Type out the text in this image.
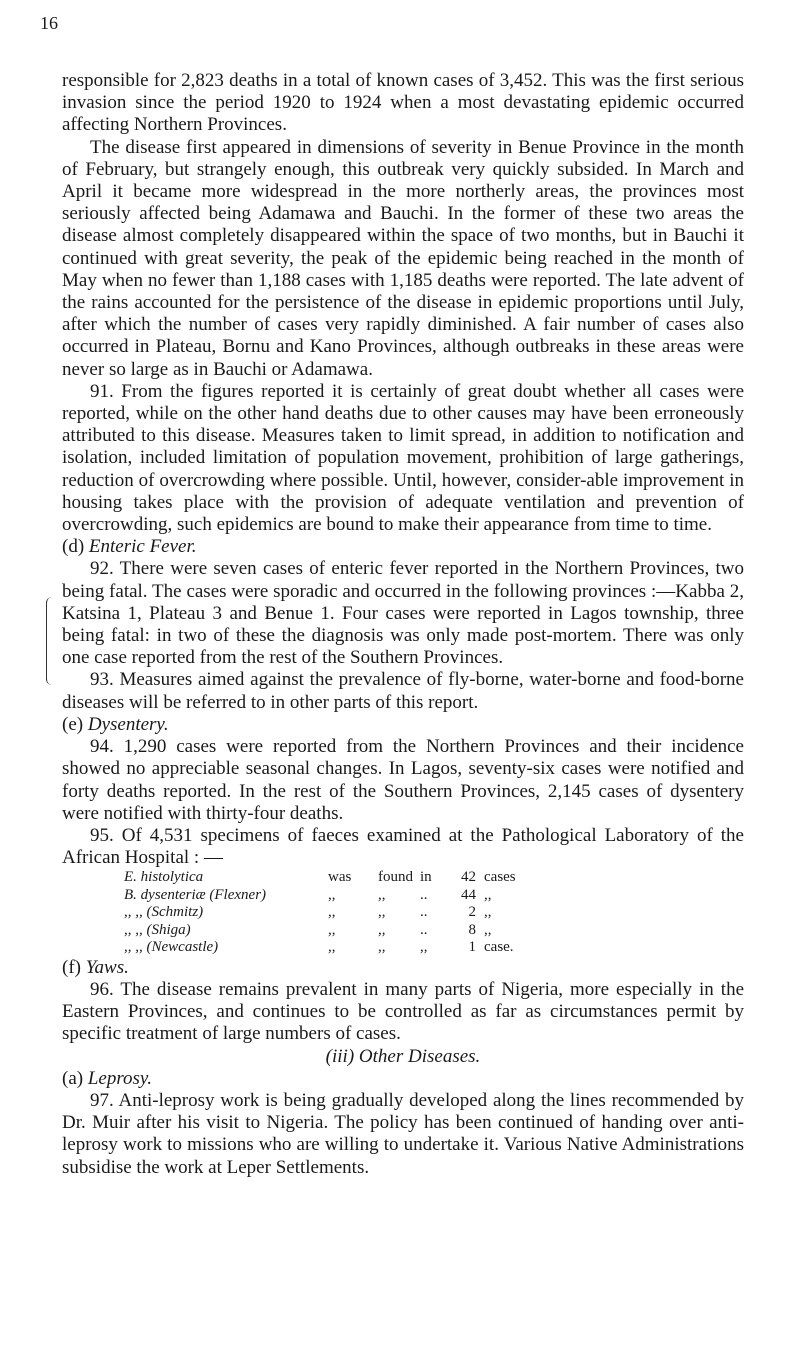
16

responsible for 2,823 deaths in a total of known cases of 3,452. This was the first serious invasion since the period 1920 to 1924 when a most devastating epidemic occurred affecting Northern Provinces.

The disease first appeared in dimensions of severity in Benue Province in the month of February, but strangely enough, this outbreak very quickly subsided. In March and April it became more widespread in the more northerly areas, the provinces most seriously affected being Adamawa and Bauchi. In the former of these two areas the disease almost completely disappeared within the space of two months, but in Bauchi it continued with great severity, the peak of the epidemic being reached in the month of May when no fewer than 1,188 cases with 1,185 deaths were reported. The late advent of the rains accounted for the persistence of the disease in epidemic proportions until July, after which the number of cases very rapidly diminished. A fair number of cases also occurred in Plateau, Bornu and Kano Provinces, although outbreaks in these areas were never so large as in Bauchi or Adamawa.

91. From the figures reported it is certainly of great doubt whether all cases were reported, while on the other hand deaths due to other causes may have been erroneously attributed to this disease. Measures taken to limit spread, in addition to notification and isolation, included limitation of population movement, prohibition of large gatherings, reduction of overcrowding where possible. Until, however, consider-able improvement in housing takes place with the provision of adequate ventilation and prevention of overcrowding, such epidemics are bound to make their appearance from time to time.

(d) Enteric Fever.

92. There were seven cases of enteric fever reported in the Northern Provinces, two being fatal. The cases were sporadic and occurred in the following provinces :—Kabba 2, Katsina 1, Plateau 3 and Benue 1. Four cases were reported in Lagos township, three being fatal: in two of these the diagnosis was only made post-mortem. There was only one case reported from the rest of the Southern Provinces.

93. Measures aimed against the prevalence of fly-borne, water-borne and food-borne diseases will be referred to in other parts of this report.

(e) Dysentery.

94. 1,290 cases were reported from the Northern Provinces and their incidence showed no appreciable seasonal changes. In Lagos, seventy-six cases were notified and forty deaths reported. In the rest of the Southern Provinces, 2,145 cases of dysentery were notified with thirty-four deaths.

95. Of 4,531 specimens of faeces examined at the Pathological Laboratory of the African Hospital : —

E. histolytica	was	found	in	42	cases
B. dysenteriæ (Flexner)	,,	,,	..	44	,,
,, ,, (Schmitz)	,,	,,	..	2	,,
,, ,, (Shiga)	,,	,,	..	8	,,
,, ,, (Newcastle)	,,	,,	,,	1	case.

(f) Yaws.

96. The disease remains prevalent in many parts of Nigeria, more especially in the Eastern Provinces, and continues to be controlled as far as circumstances permit by specific treatment of large numbers of cases.

(iii) Other Diseases.

(a) Leprosy.

97. Anti-leprosy work is being gradually developed along the lines recommended by Dr. Muir after his visit to Nigeria. The policy has been continued of handing over anti-leprosy work to missions who are willing to undertake it. Various Native Administrations subsidise the work at Leper Settlements.
